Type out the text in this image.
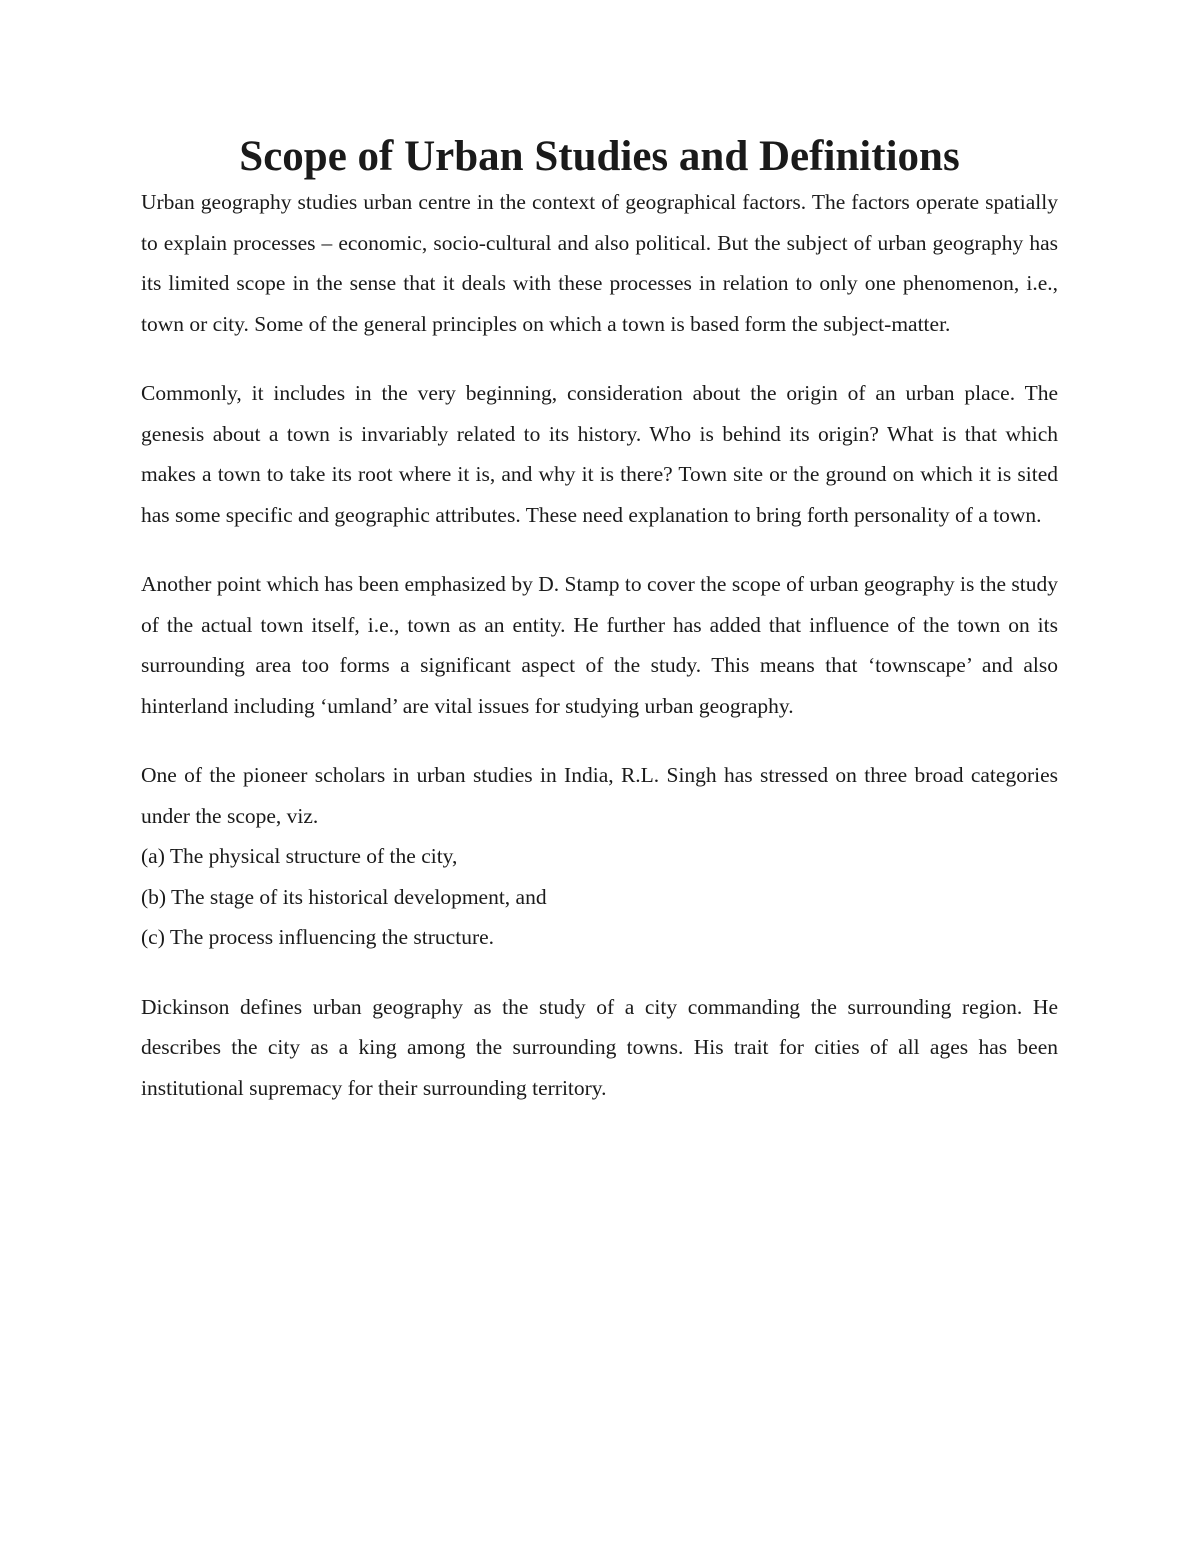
Scope of Urban Studies and Definitions

Urban geography studies urban centre in the context of geographical factors. The factors operate spatially to explain processes – economic, socio-cultural and also political. But the subject of urban geography has its limited scope in the sense that it deals with these processes in relation to only one phenomenon, i.e., town or city. Some of the general principles on which a town is based form the subject-matter.

Commonly, it includes in the very beginning, consideration about the origin of an urban place. The genesis about a town is invariably related to its history. Who is behind its origin? What is that which makes a town to take its root where it is, and why it is there? Town site or the ground on which it is sited has some specific and geographic attributes. These need explanation to bring forth personality of a town.

Another point which has been emphasized by D. Stamp to cover the scope of urban geography is the study of the actual town itself, i.e., town as an entity. He further has added that influence of the town on its surrounding area too forms a significant aspect of the study. This means that ‘townscape’ and also hinterland including ‘umland’ are vital issues for studying urban geography.

One of the pioneer scholars in urban studies in India, R.L. Singh has stressed on three broad categories under the scope, viz.

(a) The physical structure of the city,

(b) The stage of its historical development, and

(c) The process influencing the structure.

Dickinson defines urban geography as the study of a city commanding the surrounding region. He describes the city as a king among the surrounding towns. His trait for cities of all ages has been institutional supremacy for their surrounding territory.
